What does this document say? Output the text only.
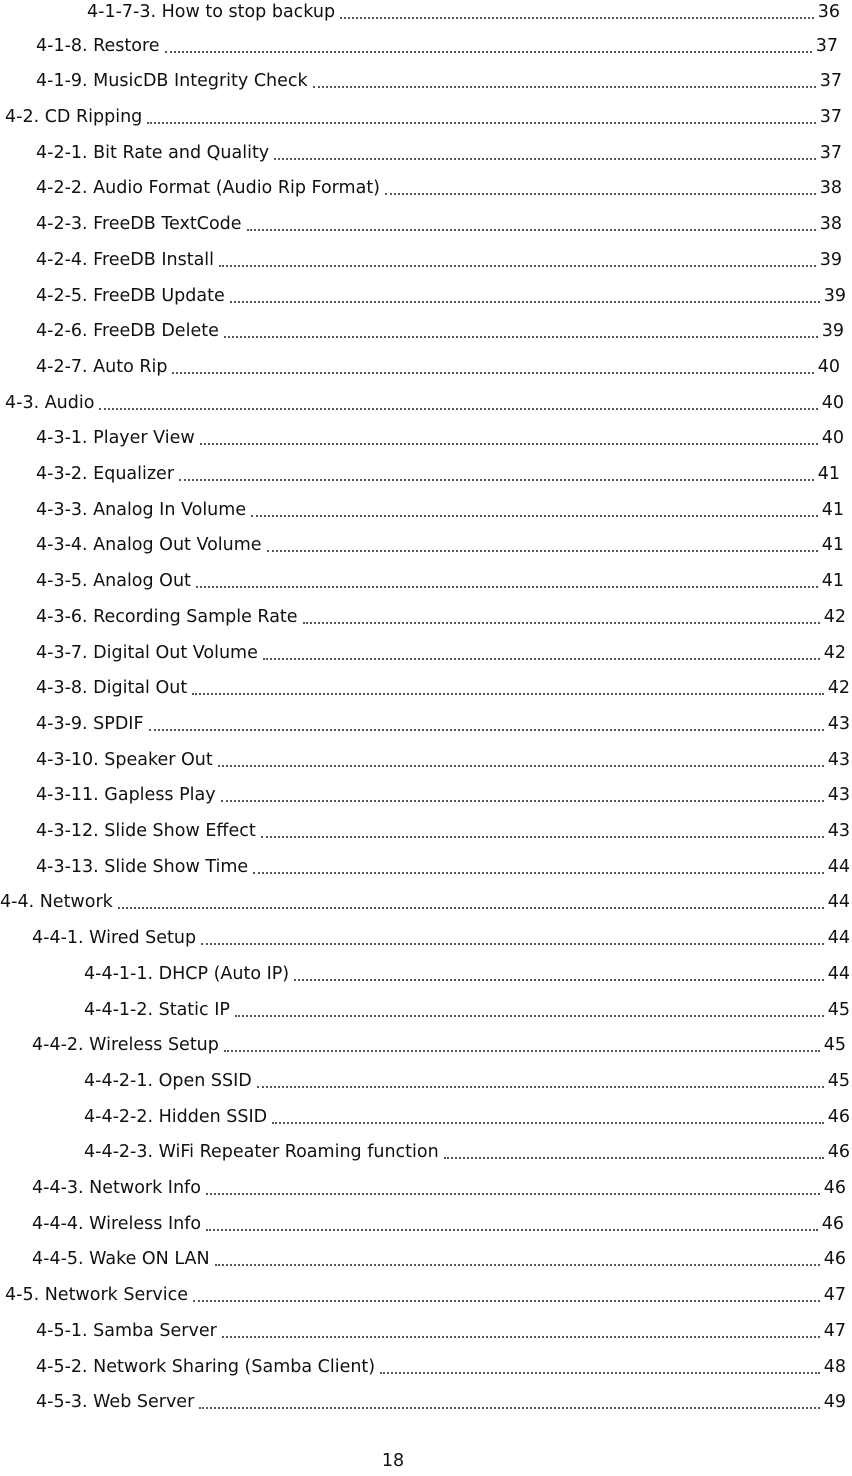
4-1-7-3. How to stop backup	36
4-1-8. Restore	37
4-1-9. MusicDB Integrity Check	37
4-2. CD Ripping	37
4-2-1. Bit Rate and Quality	37
4-2-2. Audio Format (Audio Rip Format)	38
4-2-3. FreeDB TextCode	38
4-2-4. FreeDB Install	39
4-2-5. FreeDB Update	39
4-2-6. FreeDB Delete	39
4-2-7. Auto Rip	40
4-3. Audio	40
4-3-1. Player View	40
4-3-2. Equalizer	41
4-3-3. Analog In Volume	41
4-3-4. Analog Out Volume	41
4-3-5. Analog Out	41
4-3-6. Recording Sample Rate	42
4-3-7. Digital Out Volume	42
4-3-8. Digital Out	42
4-3-9. SPDIF	43
4-3-10. Speaker Out	43
4-3-11. Gapless Play	43
4-3-12. Slide Show Effect	43
4-3-13. Slide Show Time	44
4-4. Network	44
4-4-1. Wired Setup	44
4-4-1-1. DHCP (Auto IP)	44
4-4-1-2. Static IP	45
4-4-2. Wireless Setup	45
4-4-2-1. Open SSID	45
4-4-2-2. Hidden SSID	46
4-4-2-3. WiFi Repeater Roaming function	46
4-4-3. Network Info	46
4-4-4. Wireless Info	46
4-4-5. Wake ON LAN	46
4-5. Network Service	47
4-5-1. Samba Server	47
4-5-2. Network Sharing (Samba Client)	48
4-5-3. Web Server	49
18
